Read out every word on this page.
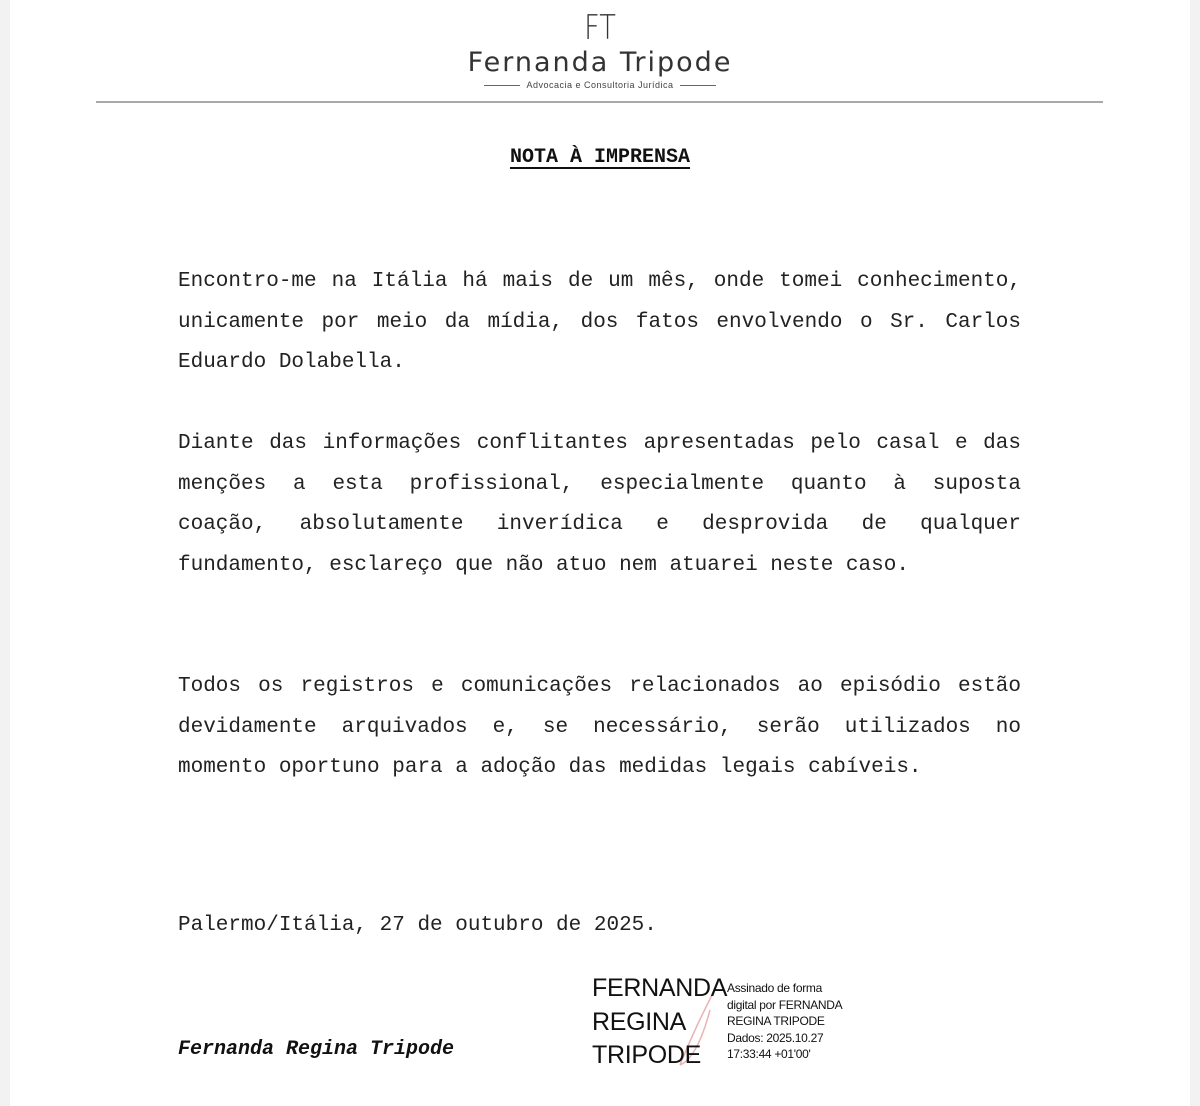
FT
Fernanda Tripode
Advocacia e Consultoria Jurídica
NOTA À IMPRENSA

Encontro-me na Itália há mais de um mês, onde tomei conhecimento, unicamente por meio da mídia, dos fatos envolvendo o Sr. Carlos Eduardo Dolabella.

Diante das informações conflitantes apresentadas pelo casal e das menções a esta profissional, especialmente quanto à suposta coação, absolutamente inverídica e desprovida de qualquer fundamento, esclareço que não atuo nem atuarei neste caso.

Todos os registros e comunicações relacionados ao episódio estão devidamente arquivados e, se necessário, serão utilizados no momento oportuno para a adoção das medidas legais cabíveis.

Palermo/Itália, 27 de outubro de 2025.
Fernanda Regina Tripode
FERNANDA
REGINA
TRIPODE
Assinado de forma
digital por FERNANDA
REGINA TRIPODE
Dados: 2025.10.27
17:33:44 +01'00'
